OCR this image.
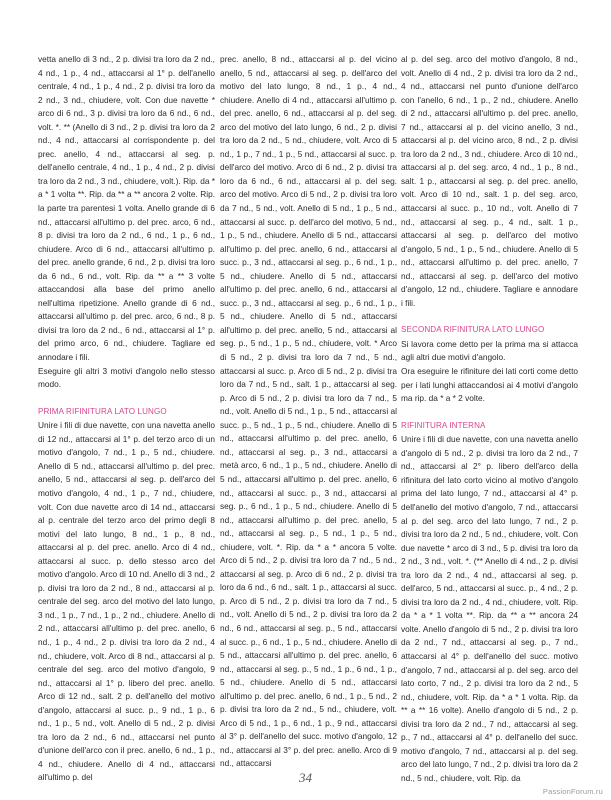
vetta anello di 3 nd., 2 p. divisi tra loro da 2 nd., 4 nd., 1 p., 4 nd., attaccarsi al 1° p. dell'anello centrale, 4 nd., 1 p., 4 nd., 2 p. divisi tra loro da 2 nd., 3 nd., chiudere, volt. Con due navette * arco di 6 nd., 3 p. divisi tra loro da 6 nd., 6 nd., volt. *. ** (Anello di 3 nd., 2 p. divisi tra loro da 2 nd., 4 nd., attaccarsi al corrispondente p. del prec. anello, 4 nd., attaccarsi al seg. p. dell'anello centrale, 4 nd., 1 p., 4 nd., 2 p. divisi tra loro da 2 nd., 3 nd., chiudere, volt.). Rip. da * a * 1 volta **. Rip. da ** a ** ancora 2 volte. Rip. la parte tra parentesi 1 volta. Anello grande di 6 nd., attaccarsi all'ultimo p. del prec. arco, 6 nd., 8 p. divisi tra loro da 2 nd., 6 nd., 1 p., 6 nd., chiudere. Arco di 6 nd., attaccarsi all'ultimo p. del prec. anello grande, 6 nd., 2 p. divisi tra loro da 6 nd., 6 nd., volt. Rip. da ** a ** 3 volte attaccandosi alla base del primo anello nell'ultima ripetizione. Anello grande di 6 nd., attaccarsi all'ultimo p. del prec. arco, 6 nd., 8 p. divisi tra loro da 2 nd., 6 nd., attaccarsi al 1° p. del primo arco, 6 nd., chiudere. Tagliare ed annodare i fili.

Eseguire gli altri 3 motivi d'angolo nello stesso modo.

PRIMA RIFINITURA LATO LUNGO

Unire i fili di due navette, con una navetta anello di 12 nd., attaccarsi al 1° p. del terzo arco di un motivo d'angolo, 7 nd., 1 p., 5 nd., chiudere. Anello di 5 nd., attaccarsi all'ultimo p. del prec. anello, 5 nd., attaccarsi al seg. p. dell'arco del motivo d'angolo, 4 nd., 1 p., 7 nd., chiudere, volt. Con due navette arco di 14 nd., attaccarsi al p. centrale del terzo arco del primo degli 8 motivi del lato lungo, 8 nd., 1 p., 8 nd., attaccarsi al p. del prec. anello. Arco di 4 nd., attaccarsi al succ. p. dello stesso arco del motivo d'angolo. Arco di 10 nd. Anello di 3 nd., 2 p. divisi tra loro da 2 nd., 8 nd., attaccarsi al p. centrale del seg. arco del motivo del lato lungo, 3 nd., 1 p., 7 nd., 1 p., 2 nd., chiudere. Anello di 2 nd., attaccarsi all'ultimo p. del prec. anello, 6 nd., 1 p., 4 nd., 2 p. divisi tra loro da 2 nd., 4 nd., chiudere, volt. Arco di 8 nd., attaccarsi al p. centrale del seg. arco del motivo d'angolo, 9 nd., attaccarsi al 1° p. libero del prec. anello. Arco di 12 nd., salt. 2 p. dell'anello del motivo d'angolo, attaccarsi al succ. p., 9 nd., 1 p., 6 nd., 1 p., 5 nd., volt. Anello di 5 nd., 2 p. divisi tra loro da 2 nd., 6 nd., attaccarsi nel punto d'unione dell'arco con il prec. anello, 6 nd., 1 p., 4 nd., chiudere. Anello di 4 nd., attaccarsi all'ultimo p. del

prec. anello, 8 nd., attaccarsi al p. del vicino anello, 5 nd., attaccarsi al seg. p. dell'arco del motivo del lato lungo, 8 nd., 1 p., 4 nd., chiudere. Anello di 4 nd., attaccarsi all'ultimo p. del prec. anello, 6 nd., attaccarsi al p. del seg. arco del motivo del lato lungo, 6 nd., 2 p. divisi tra loro da 2 nd., 5 nd., chiudere, volt. Arco di 5 nd., 1 p., 7 nd., 1 p., 5 nd., attaccarsi al succ. p. dell'arco del motivo. Arco di 6 nd., 2 p. divisi tra loro da 6 nd., 6 nd., attaccarsi al p. del seg. arco del motivo. Arco di 5 nd., 2 p. divisi tra loro da 7 nd., 5 nd., volt. Anello di 5 nd., 1 p., 5 nd., attaccarsi al succ. p. dell'arco del motivo, 5 nd., 1 p., 5 nd., chiudere. Anello di 5 nd., attaccarsi all'ultimo p. del prec. anello, 6 nd., attaccarsi al succ. p., 3 nd., attaccarsi al seg. p., 6 nd., 1 p., 5 nd., chiudere. Anello di 5 nd., attaccarsi all'ultimo p. del prec. anello, 6 nd., attaccarsi al succ. p., 3 nd., attaccarsi al seg. p., 6 nd., 1 p., 5 nd., chiudere. Anello di 5 nd., attaccarsi all'ultimo p. del prec. anello, 5 nd., attaccarsi al seg. p., 5 nd., 1 p., 5 nd., chiudere, volt. * Arco di 5 nd., 2 p. divisi tra loro da 7 nd., 5 nd., attaccarsi al succ. p. Arco di 5 nd., 2 p. divisi tra loro da 7 nd., 5 nd., salt. 1 p., attaccarsi al seg. p. Arco di 5 nd., 2 p. divisi tra loro da 7 nd., 5 nd., volt. Anello di 5 nd., 1 p., 5 nd., attaccarsi al succ. p., 5 nd., 1 p., 5 nd., chiudere. Anello di 5 nd., attaccarsi all'ultimo p. del prec. anello, 6 nd., attaccarsi al seg. p., 3 nd., attaccarsi a metà arco, 6 nd., 1 p., 5 nd., chiudere. Anello di 5 nd., attaccarsi all'ultimo p. del prec. anello, 6 nd., attaccarsi al succ. p., 3 nd., attaccarsi al seg. p., 6 nd., 1 p., 5 nd., chiudere. Anello di 5 nd., attaccarsi all'ultimo p. del prec. anello, 5 nd., attaccarsi al seg. p., 5 nd., 1 p., 5 nd., chiudere, volt. *. Rip. da * a * ancora 5 volte. Arco di 5 nd., 2 p. divisi tra loro da 7 nd., 5 nd., attaccarsi al seg. p. Arco di 6 nd., 2 p. divisi tra loro da 6 nd., 6 nd., salt. 1 p., attaccarsi al succ. p. Arco di 5 nd., 2 p. divisi tra loro da 7 nd., 5 nd., volt. Anello di 5 nd., 2 p. divisi tra loro da 2 nd., 6 nd., attaccarsi al seg. p., 5 nd., attaccarsi al succ. p., 6 nd., 1 p., 5 nd., chiudere. Anello di 5 nd., attaccarsi all'ultimo p. del prec. anello, 6 nd., attaccarsi al seg. p., 5 nd., 1 p., 6 nd., 1 p., 5 nd., chiudere. Anello di 5 nd., attaccarsi all'ultimo p. del prec. anello, 6 nd., 1 p., 5 nd., 2 p. divisi tra loro da 2 nd., 5 nd., chiudere, volt. Arco di 5 nd., 1 p., 6 nd., 1 p., 9 nd., attaccarsi al 3° p. dell'anello del succ. motivo d'angolo, 12 nd., attaccarsi al 3° p. del prec. anello. Arco di 9 nd., attaccarsi

al p. del seg. arco del motivo d'angolo, 8 nd., volt. Anello di 4 nd., 2 p. divisi tra loro da 2 nd., 4 nd., attaccarsi nel punto d'unione dell'arco con l'anello, 6 nd., 1 p., 2 nd., chiudere. Anello di 2 nd., attaccarsi all'ultimo p. del prec. anello, 7 nd., attaccarsi al p. del vicino anello, 3 nd., attaccarsi al p. del vicino arco, 8 nd., 2 p. divisi tra loro da 2 nd., 3 nd., chiudere. Arco di 10 nd., attaccarsi al p. del seg. arco, 4 nd., 1 p., 8 nd., salt. 1 p., attaccarsi al seg. p. del prec. anello, volt. Arco di 10 nd., salt. 1 p. del seg. arco, attaccarsi al succ. p., 10 nd., volt. Anello di 7 nd., attaccarsi al seg. p., 4 nd., salt. 1 p., attaccarsi al seg. p. dell'arco del motivo d'angolo, 5 nd., 1 p., 5 nd., chiudere. Anello di 5 nd., attaccarsi all'ultimo p. del prec. anello, 7 nd., attaccarsi al seg. p. dell'arco del motivo d'angolo, 12 nd., chiudere. Tagliare e annodare i fili.

SECONDA RIFINITURA LATO LUNGO

Si lavora come detto per la prima ma si attacca agli altri due motivi d'angolo.

Ora eseguire le rifiniture dei lati corti come detto per i lati lunghi attaccandosi ai 4 motivi d'angolo ma rip. da * a * 2 volte.

RIFINITURA INTERNA

Unire i fili di due navette, con una navetta anello d'angolo di 5 nd., 2 p. divisi tra loro da 2 nd., 7 nd., attaccarsi al 2° p. libero dell'arco della rifinitura del lato corto vicino al motivo d'angolo prima del lato lungo, 7 nd., attaccarsi al 4° p. dell'anello del motivo d'angolo, 7 nd., attaccarsi al p. del seg. arco del lato lungo, 7 nd., 2 p. divisi tra loro da 2 nd., 5 nd., chiudere, volt. Con due navette * arco di 3 nd., 5 p. divisi tra loro da 2 nd., 3 nd., volt. *. (** Anello di 4 nd., 2 p. divisi tra loro da 2 nd., 4 nd., attaccarsi al seg. p. dell'arco, 5 nd., attaccarsi al succ. p., 4 nd., 2 p. divisi tra loro da 2 nd., 4 nd., chiudere, volt. Rip. da * a * 1 volta **. Rip. da ** a ** ancora 24 volte. Anello d'angolo di 5 nd., 2 p. divisi tra loro da 2 nd., 7 nd., attaccarsi al seg. p., 7 nd., attaccarsi al 4° p. dell'anello del succ. motivo d'angolo, 7 nd., attaccarsi al p. del seg. arco del lato corto, 7 nd., 2 p. divisi tra loro da 2 nd., 5 nd., chiudere, volt. Rip. da * a * 1 volta. Rip. da ** a ** 16 volte). Anello d'angolo di 5 nd., 2 p. divisi tra loro da 2 nd., 7 nd., attaccarsi al seg. p., 7 nd., attaccarsi al 4° p. dell'anello del succ. motivo d'angolo, 7 nd., attaccarsi al p. del seg. arco del lato lungo, 7 nd., 2 p. divisi tra loro da 2 nd., 5 nd., chiudere, volt. Rip. da

34
PassionForum.ru
